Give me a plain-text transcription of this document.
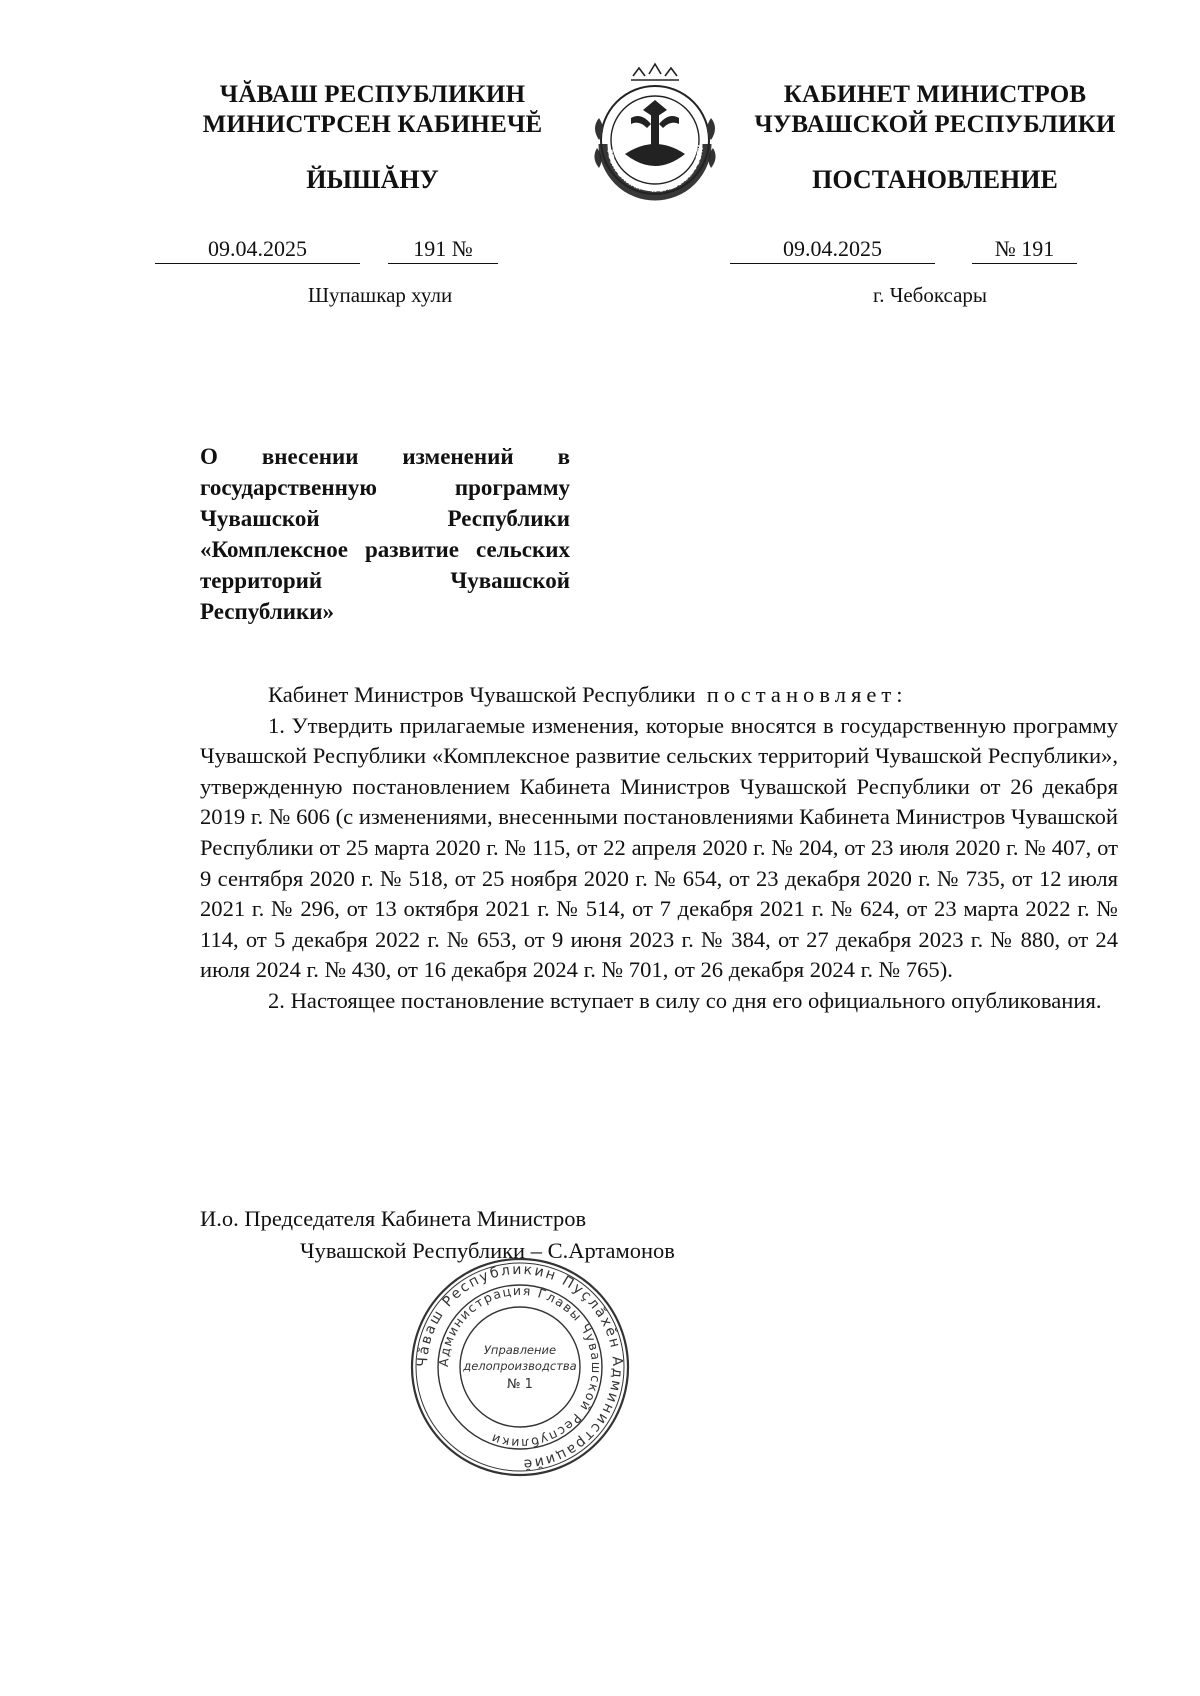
ЧĂВАШ РЕСПУБЛИКИН
МИНИСТРСЕН КАБИНЕЧĔ
ЙЫШĂНУ
КАБИНЕТ МИНИСТРОВ
ЧУВАШСКОЙ РЕСПУБЛИКИ
ПОСТАНОВЛЕНИЕ
РЕСПУБЛИКИ · ЧУВАШСКАЯ РЕСПУ
09.04.2025	191 №	09.04.2025	№ 191
Шупашкар хули	г. Чебоксары
О внесении изменений в государственную программу Чувашской Республики «Комплексное развитие сельских территорий Чувашской Республики»

Кабинет Министров Чувашской Республики постановляет:

1. Утвердить прилагаемые изменения, которые вносятся в государственную программу Чувашской Республики «Комплексное развитие сельских территорий Чувашской Республики», утвержденную постановлением Кабинета Министров Чувашской Республики от 26 декабря 2019 г. № 606 (с изменениями, внесенными постановлениями Кабинета Министров Чувашской Республики от 25 марта 2020 г. № 115, от 22 апреля 2020 г. № 204, от 23 июля 2020 г. № 407, от 9 сентября 2020 г. № 518, от 25 ноября 2020 г. № 654, от 23 декабря 2020 г. № 735, от 12 июля 2021 г. № 296, от 13 октября 2021 г. № 514, от 7 декабря 2021 г. № 624, от 23 марта 2022 г. № 114, от 5 декабря 2022 г. № 653, от 9 июня 2023 г. № 384, от 27 декабря 2023 г. № 880, от 24 июля 2024 г. № 430, от 16 декабря 2024 г. № 701, от 26 декабря 2024 г. № 765).

2. Настоящее постановление вступает в силу со дня его официального опубликования.

И.о. Председателя Кабинета Министров
Чувашской Республики – С.Артамонов
Чăваш Республикин Пуçлăхĕн Администрацийĕ
Администрация Главы Чувашской Республики
Управление
делопроизводства
№ 1
